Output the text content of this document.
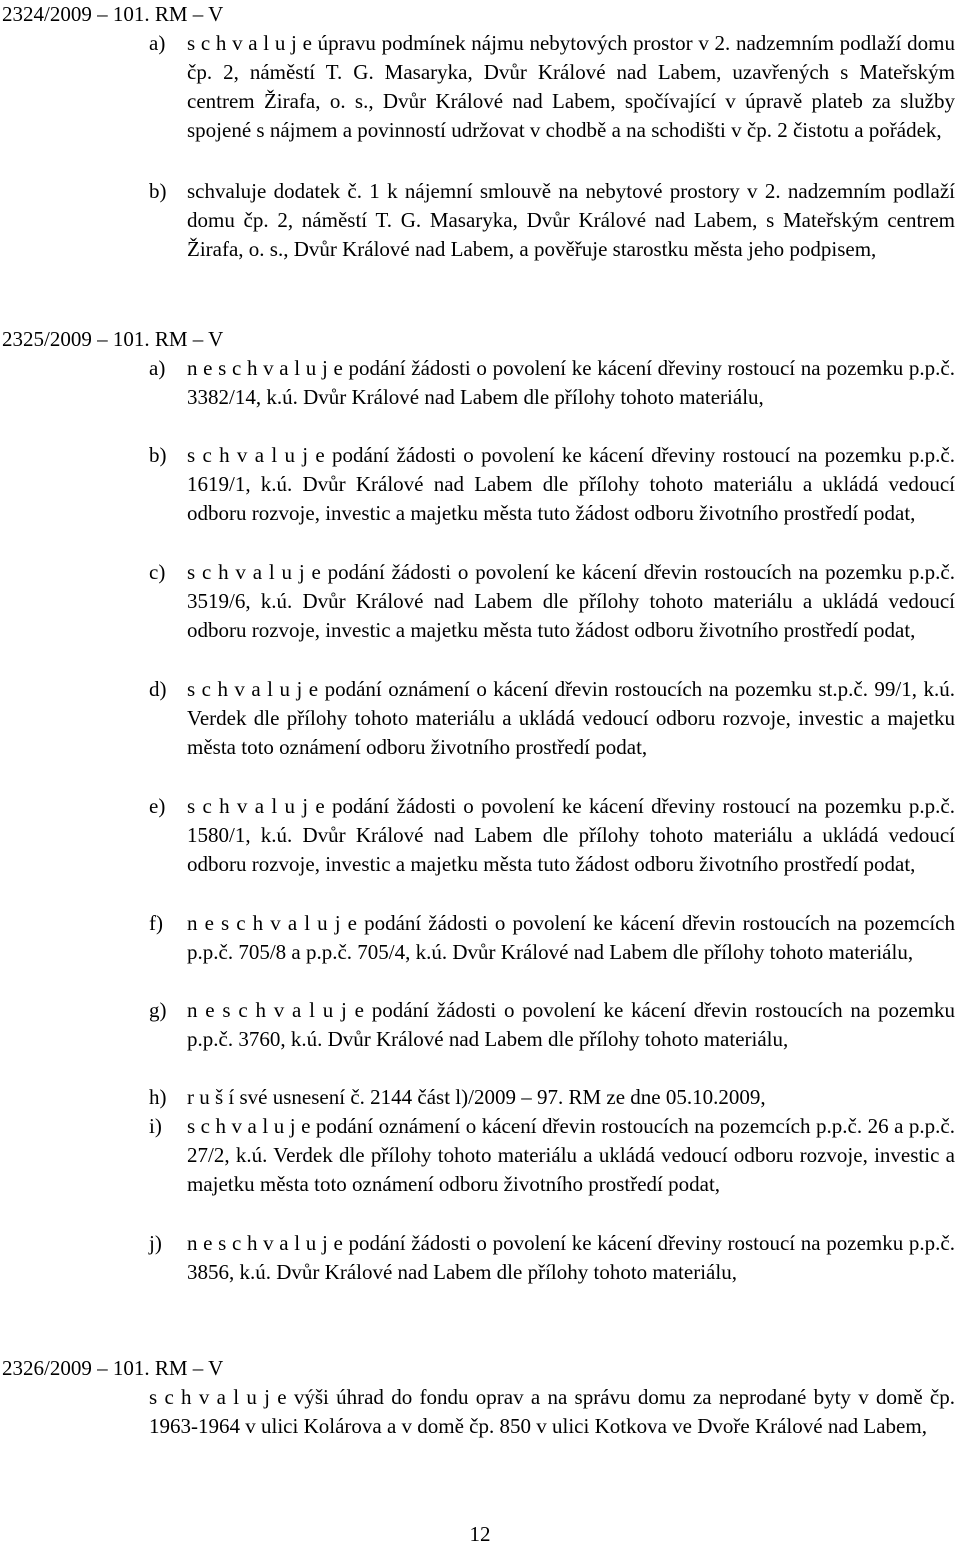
2324/2009 – 101. RM – V
a)	s c h v a l u j e úpravu podmínek nájmu nebytových prostor v 2. nadzemním podlaží domu čp. 2, náměstí T. G. Masaryka, Dvůr Králové nad Labem, uzavřených s Mateřským centrem Žirafa, o. s., Dvůr Králové nad Labem, spočívající v úpravě plateb za služby spojené s nájmem a povinností udržovat v chodbě a na schodišti v čp. 2 čistotu a pořádek,
b) schvaluje dodatek č. 1 k nájemní smlouvě na nebytové prostory v 2. nadzemním podlaží domu čp. 2, náměstí T. G. Masaryka, Dvůr Králové nad Labem, s Mateřským centrem Žirafa, o. s., Dvůr Králové nad Labem, a pověřuje starostku města jeho podpisem,
2325/2009 – 101. RM – V
a)	n e s c h v a l u j e podání žádosti o povolení ke kácení dřeviny rostoucí na pozemku p.p.č. 3382/14, k.ú. Dvůr Králové nad Labem dle přílohy tohoto materiálu,
b) s c h v a l u j e podání žádosti o povolení ke kácení dřeviny rostoucí na pozemku p.p.č. 1619/1, k.ú. Dvůr Králové nad Labem dle přílohy tohoto materiálu a ukládá vedoucí odboru rozvoje, investic a majetku města tuto žádost odboru životního prostředí podat,
c)	s c h v a l u j e podání žádosti o povolení ke kácení dřevin rostoucích na pozemku p.p.č. 3519/6, k.ú. Dvůr Králové nad Labem dle přílohy tohoto materiálu a ukládá vedoucí odboru rozvoje, investic a majetku města tuto žádost odboru životního prostředí podat,
d) s c h v a l u j e podání oznámení o kácení dřevin rostoucích na pozemku st.p.č. 99/1, k.ú. Verdek dle přílohy tohoto materiálu a ukládá vedoucí odboru rozvoje, investic a majetku města toto oznámení odboru životního prostředí podat,
e)	s c h v a l u j e podání žádosti o povolení ke kácení dřeviny rostoucí na pozemku p.p.č. 1580/1, k.ú. Dvůr Králové nad Labem dle přílohy tohoto materiálu a ukládá vedoucí odboru rozvoje, investic a majetku města tuto žádost odboru životního prostředí podat,
f)	n e s c h v a l u j e podání žádosti o povolení ke kácení dřevin rostoucích na pozemcích p.p.č. 705/8 a p.p.č. 705/4, k.ú. Dvůr Králové nad Labem dle přílohy tohoto materiálu,
g) n e s c h v a l u j e podání žádosti o povolení ke kácení dřevin rostoucích na pozemku p.p.č. 3760, k.ú. Dvůr Králové nad Labem dle přílohy tohoto materiálu,
h) r u š í své usnesení č. 2144 část l)/2009 – 97. RM ze dne 05.10.2009,
i)	s c h v a l u j e podání oznámení o kácení dřevin rostoucích na pozemcích p.p.č. 26 a p.p.č. 27/2, k.ú. Verdek dle přílohy tohoto materiálu a ukládá vedoucí odboru rozvoje, investic a majetku města toto oznámení odboru životního prostředí podat,
j)	n e s c h v a l u j e podání žádosti o povolení ke kácení dřeviny rostoucí na pozemku p.p.č. 3856, k.ú. Dvůr Králové nad Labem dle přílohy tohoto materiálu,
2326/2009 – 101. RM – V
s c h v a l u j e výši úhrad do fondu oprav a na správu domu za neprodané byty v domě čp. 1963-1964 v ulici Kolárova a v domě čp. 850 v ulici Kotkova ve Dvoře Králové nad Labem,
12
